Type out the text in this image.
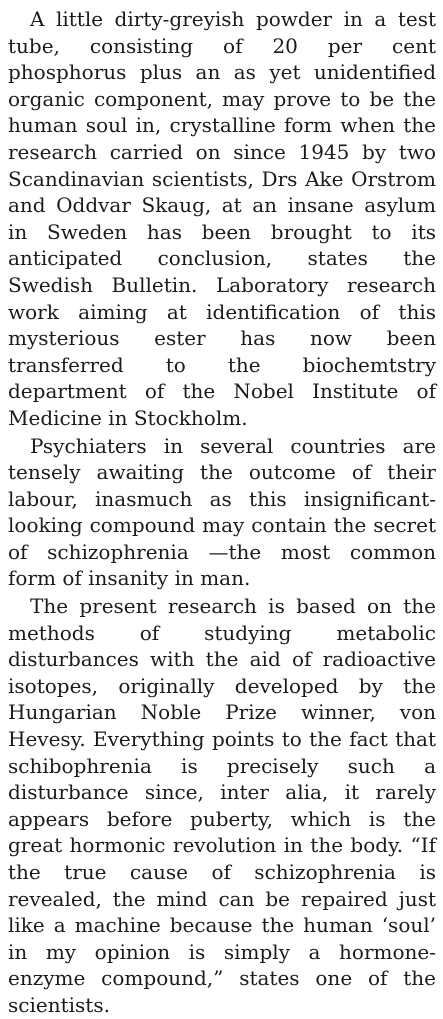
A little dirty-greyish powder in a test tube, consisting of 20 per cent phosphorus plus an as yet unidentified organic component, may prove to be the human soul in, crystalline form when the research carried on since 1945 by two Scandinavian scientists, Drs Ake Orstrom and Oddvar Skaug, at an insane asylum in Sweden has been brought to its anticipated conclusion, states the Swedish Bulletin. Laboratory research work aiming at identification of this mysterious ester has now been transferred to the biochemtstry department of the Nobel Institute of Medicine in Stockholm.

Psychiaters in several countries are tensely awaiting the outcome of their labour, inasmuch as this insignificant-looking compound may contain the secret of schizophrenia —the most common form of insanity in man.

The present research is based on the methods of studying metabolic disturbances with the aid of radioactive isotopes, originally developed by the Hungarian Noble Prize winner, von Hevesy. Everything points to the fact that schibophrenia is precisely such a disturbance since, inter alia, it rarely appears before puberty, which is the great hormonic revolution in the body. “If the true cause of schizophrenia is revealed, the mind can be repaired just like a machine because the human ‘soul’ in my opinion is simply a hormone-enzyme compound,” states one of the scientists.
